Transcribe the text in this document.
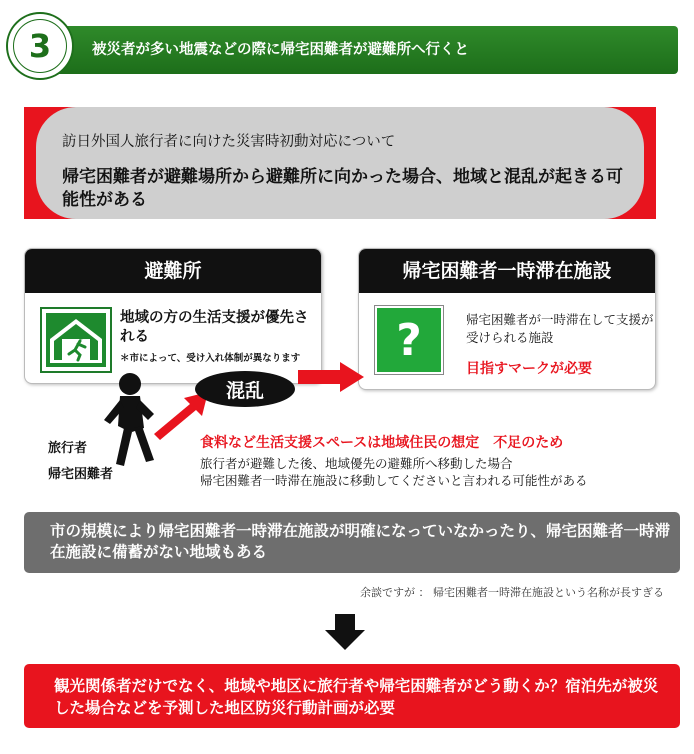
3	被災者が多い地震などの際に帰宅困難者が避難所へ行くと
訪日外国人旅行者に向けた災害時初動対応について
帰宅困難者が避難場所から避難所に向かった場合、地域と混乱が起きる可能性がある
避難所
地域の方の生活支援が優先される
＊市によって、受け入れ体制が異なります
帰宅困難者一時滞在施設
?	帰宅困難者が一時滞在して支援が受けられる施設
目指すマークが必要
混乱
旅行者
帰宅困難者
食料など生活支援スペースは地域住民の想定　不足のため
旅行者が避難した後、地域優先の避難所へ移動した場合
帰宅困難者一時滞在施設に移動してくださいと言われる可能性がある
市の規模により帰宅困難者一時滞在施設が明確になっていなかったり、帰宅困難者一時滞在施設に備蓄がない地域もある
余談ですが ： 帰宅困難者一時滞在施設という名称が長すぎる
観光関係者だけでなく、地域や地区に旅行者や帰宅困難者がどう動くか？宿泊先が被災した場合などを予測した地区防災行動計画が必要
